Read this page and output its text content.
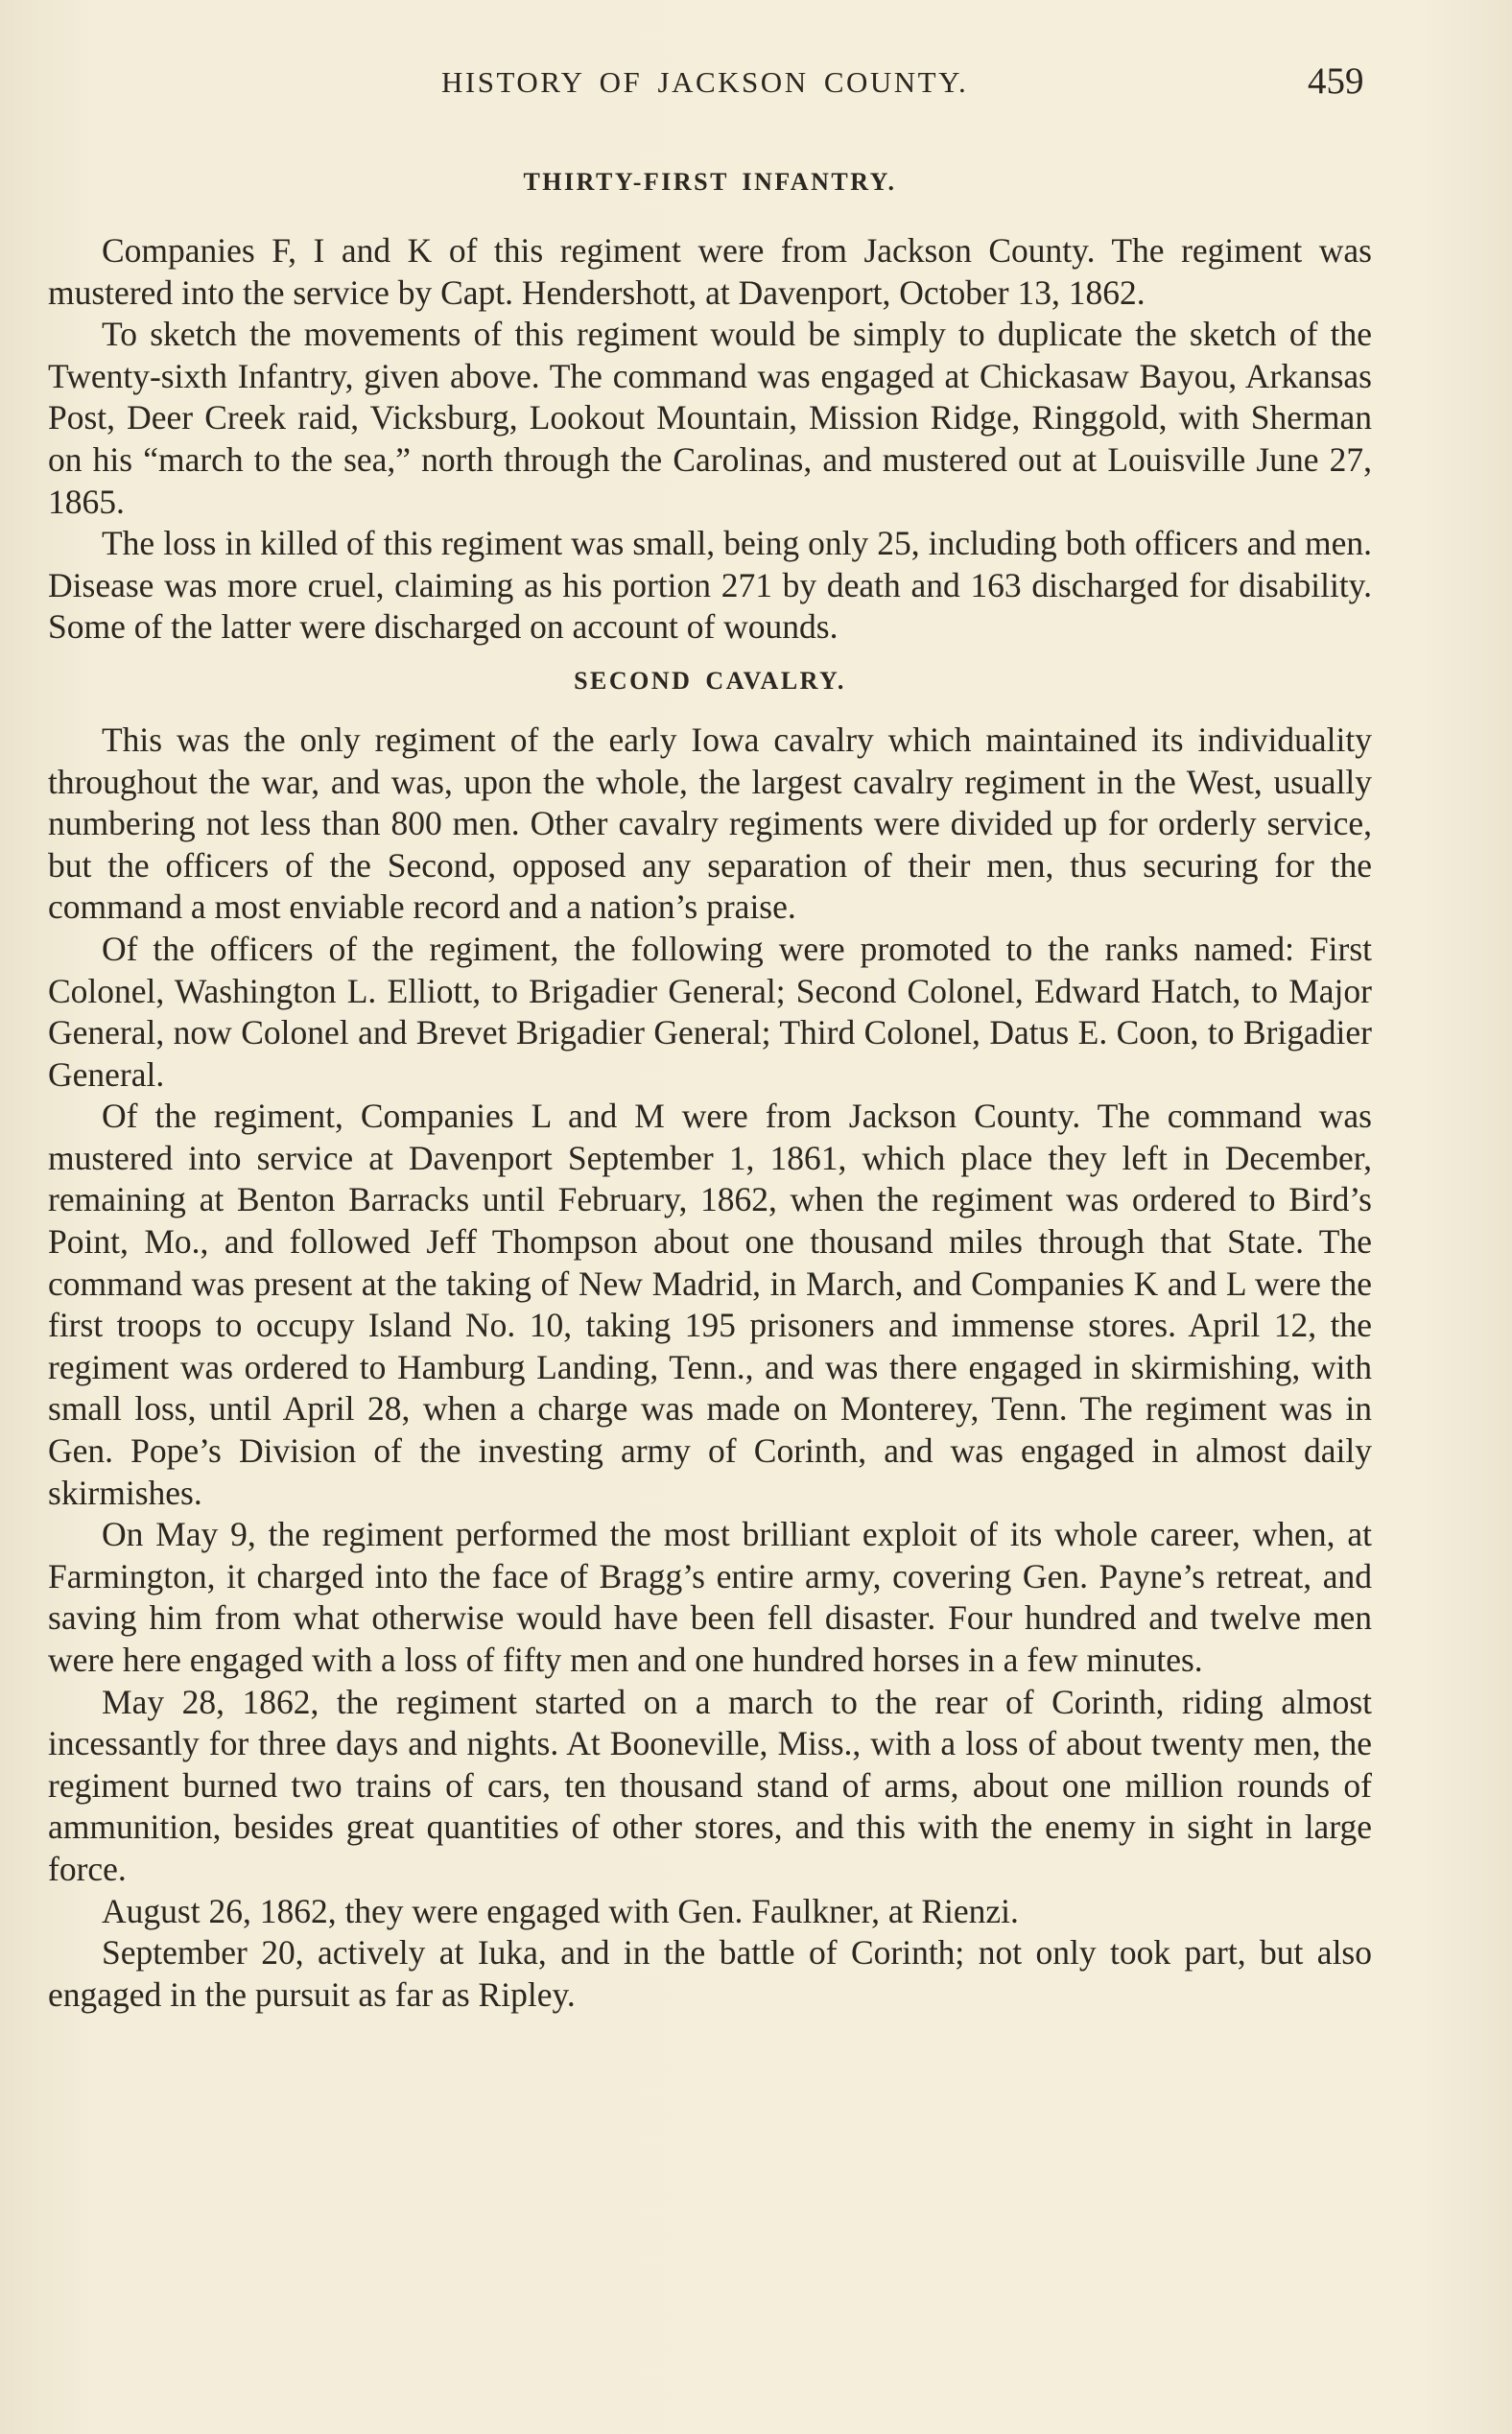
HISTORY OF JACKSON COUNTY.	459
THIRTY-FIRST INFANTRY.

Companies F, I and K of this regiment were from Jackson County. The regiment was mustered into the service by Capt. Hendershott, at Davenport, October 13, 1862.

To sketch the movements of this regiment would be simply to duplicate the sketch of the Twenty-sixth Infantry, given above. The command was engaged at Chickasaw Bayou, Arkansas Post, Deer Creek raid, Vicksburg, Lookout Mountain, Mission Ridge, Ringgold, with Sherman on his “march to the sea,” north through the Carolinas, and mustered out at Louisville June 27, 1865.

The loss in killed of this regiment was small, being only 25, including both officers and men. Disease was more cruel, claiming as his portion 271 by death and 163 discharged for disability. Some of the latter were discharged on account of wounds.

SECOND CAVALRY.

This was the only regiment of the early Iowa cavalry which maintained its individuality throughout the war, and was, upon the whole, the largest cavalry regiment in the West, usually numbering not less than 800 men. Other cavalry regiments were divided up for orderly service, but the officers of the Second, opposed any separation of their men, thus securing for the command a most enviable record and a nation’s praise.

Of the officers of the regiment, the following were promoted to the ranks named: First Colonel, Washington L. Elliott, to Brigadier General; Second Colonel, Edward Hatch, to Major General, now Colonel and Brevet Brigadier General; Third Colonel, Datus E. Coon, to Brigadier General.

Of the regiment, Companies L and M were from Jackson County. The command was mustered into service at Davenport September 1, 1861, which place they left in December, remaining at Benton Barracks until February, 1862, when the regiment was ordered to Bird’s Point, Mo., and followed Jeff Thompson about one thousand miles through that State. The command was present at the taking of New Madrid, in March, and Companies K and L were the first troops to occupy Island No. 10, taking 195 prisoners and immense stores. April 12, the regiment was ordered to Hamburg Landing, Tenn., and was there engaged in skirmishing, with small loss, until April 28, when a charge was made on Monterey, Tenn. The regiment was in Gen. Pope’s Division of the investing army of Corinth, and was engaged in almost daily skirmishes.

On May 9, the regiment performed the most brilliant exploit of its whole career, when, at Farmington, it charged into the face of Bragg’s entire army, covering Gen. Payne’s retreat, and saving him from what otherwise would have been fell disaster. Four hundred and twelve men were here engaged with a loss of fifty men and one hundred horses in a few minutes.

May 28, 1862, the regiment started on a march to the rear of Corinth, riding almost incessantly for three days and nights. At Booneville, Miss., with a loss of about twenty men, the regiment burned two trains of cars, ten thousand stand of arms, about one million rounds of ammunition, besides great quantities of other stores, and this with the enemy in sight in large force.

August 26, 1862, they were engaged with Gen. Faulkner, at Rienzi.

September 20, actively at Iuka, and in the battle of Corinth; not only took part, but also engaged in the pursuit as far as Ripley.
